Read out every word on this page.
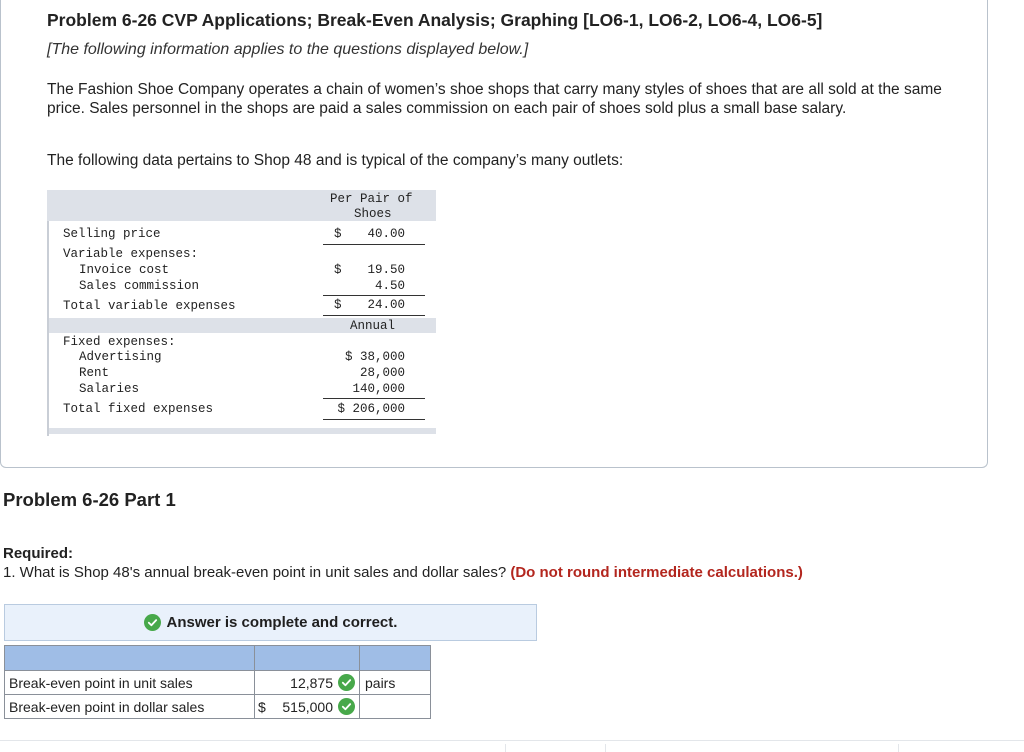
Problem 6-26 CVP Applications; Break-Even Analysis; Graphing [LO6-1, LO6-2, LO6-4, LO6-5]
[The following information applies to the questions displayed below.]
The Fashion Shoe Company operates a chain of women’s shoe shops that carry many styles of shoes that are all sold at the same price. Sales personnel in the shops are paid a sales commission on each pair of shoes sold plus a small base salary.
The following data pertains to Shop 48 and is typical of the company’s many outlets:
Per Pair of
Shoes
Selling price	$ 40.00
Variable expenses:
Invoice cost	$ 19.50
Sales commission	4.50
Total variable expenses	$ 24.00
Annual
Fixed expenses:
Advertising	$ 38,000
Rent	28,000
Salaries	140,000
Total fixed expenses	$ 206,000
Problem 6-26 Part 1
Required:
1. What is Shop 48's annual break-even point in unit sales and dollar sales? (Do not round intermediate calculations.)
Answer is complete and correct.

Break-even point in unit sales	12,875	pairs
Break-even point in dollar sales	$ 515,000	
